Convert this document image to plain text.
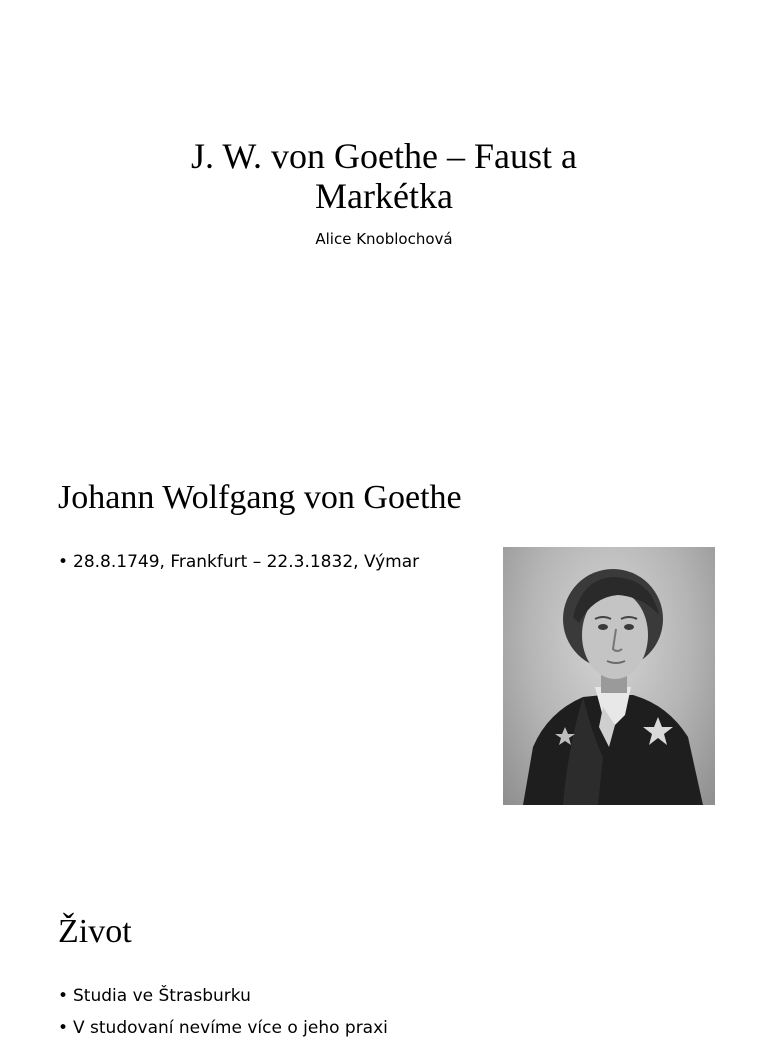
J. W. von Goethe – Faust a
Markétka
Alice Knoblochová
Johann Wolfgang von Goethe
• 28.8.1749, Frankfurt – 22.3.1832, Výmar
Život
• Studia ve Štrasburku
• V studovaní nevíme více o jeho praxi
